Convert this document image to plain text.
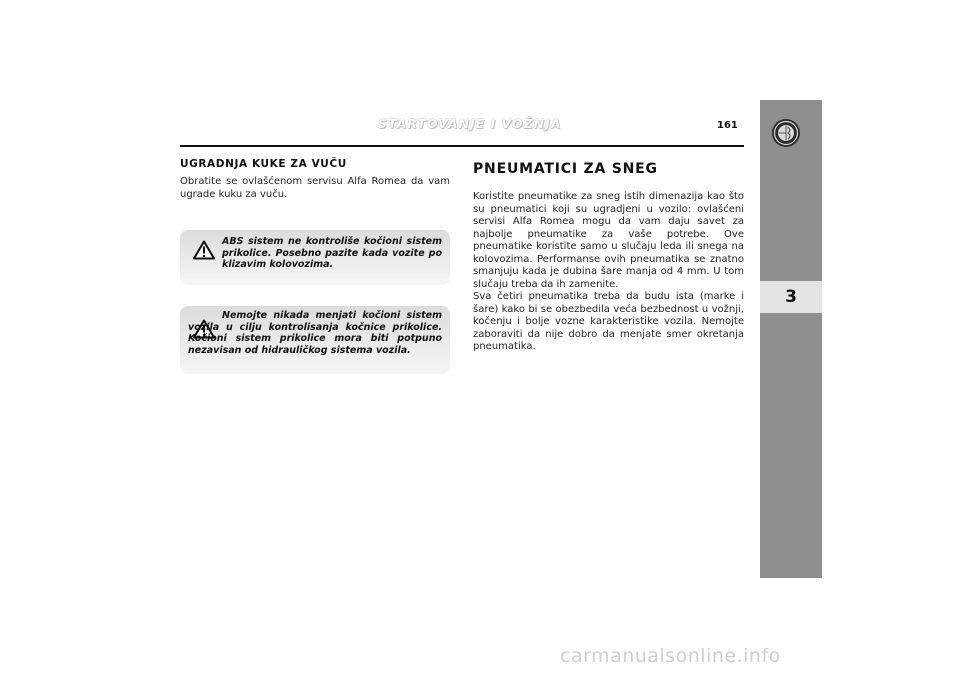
STARTOVANJE I VOŽNJA	161
3
UGRADNJA KUKE ZA VUČU

Obratite se ovlašćenom servisu Alfa Romea da vam ugrade kuku za vuču.

ABS sistem ne kontroliše kočioni sistem prikolice. Posebno pazite kada vozite po klizavim kolovozima.
Nemojte nikada menjati kočioni sistem vozila u cilju kontrolisanja kočnice prikolice. Kočioni sistem prikolice mora biti potpuno nezavisan od hidrauličkog sistema vozila.
PNEUMATICI ZA SNEG

Koristite pneumatike za sneg istih dimenazija kao što su pneumatici koji su ugradjeni u vozilo: ovlašćeni servisi Alfa Romea mogu da vam daju savet za najbolje pneumatike za vaše potrebe. Ove pneumatike koristite samo u slučaju leda ili snega na kolovozima. Performanse ovih pneumatika se znatno smanjuju kada je dubina šare manja od 4 mm. U tom slučaju treba da ih zamenite.

Sva četiri pneumatika treba da budu ista (marke i šare) kako bi se obezbedila veća bezbednost u vožnji, kočenju i bolje vozne karakteristike vozila. Nemojte zaboraviti da nije dobro da menjate smer okretanja pneumatika.

carmanualsonline.info
